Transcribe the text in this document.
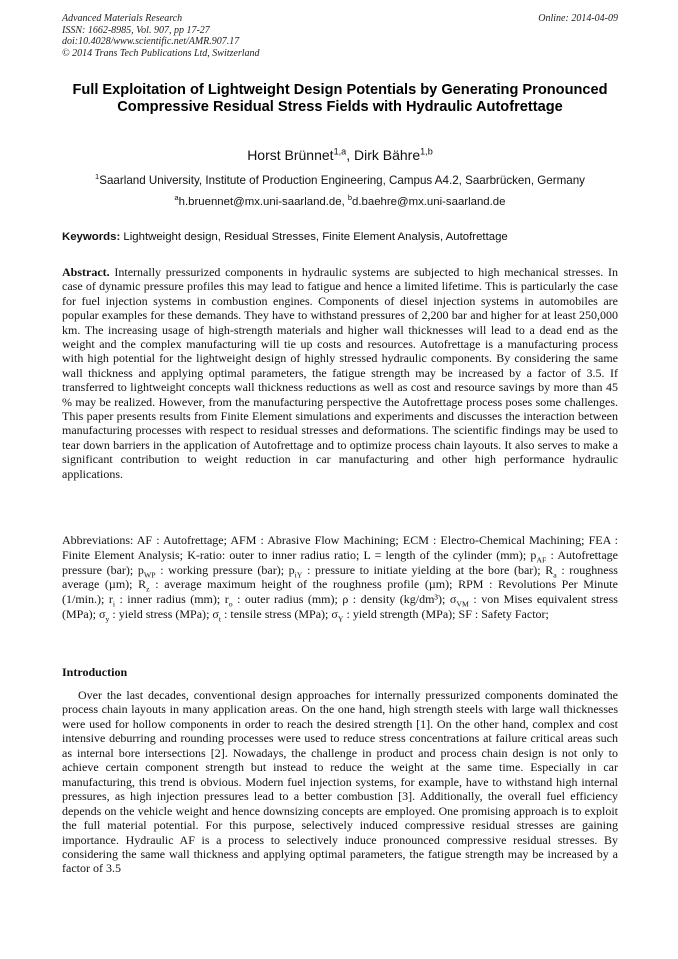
Advanced Materials Research
ISSN: 1662-8985, Vol. 907, pp 17-27
doi:10.4028/www.scientific.net/AMR.907.17
© 2014 Trans Tech Publications Ltd, Switzerland
Online: 2014-04-09
Full Exploitation of Lightweight Design Potentials by Generating Pronounced Compressive Residual Stress Fields with Hydraulic Autofrettage
Horst Brünnet$^{1,a}$, Dirk Bähre$^{1,b}$
$^1$Saarland University, Institute of Production Engineering, Campus A4.2, Saarbrücken, Germany
$^a$h.bruennet@mx.uni-saarland.de, $^b$d.baehre@mx.uni-saarland.de
Keywords: Lightweight design, Residual Stresses, Finite Element Analysis, Autofrettage

Abstract. Internally pressurized components in hydraulic systems are subjected to high mechanical stresses. In case of dynamic pressure profiles this may lead to fatigue and hence a limited lifetime. This is particularly the case for fuel injection systems in combustion engines. Components of diesel injection systems in automobiles are popular examples for these demands. They have to withstand pressures of 2,200 bar and higher for at least 250,000 km. The increasing usage of high-strength materials and higher wall thicknesses will lead to a dead end as the weight and the complex manufacturing will tie up costs and resources. Autofrettage is a manufacturing process with high potential for the lightweight design of highly stressed hydraulic components. By considering the same wall thickness and applying optimal parameters, the fatigue strength may be increased by a factor of 3.5. If transferred to lightweight concepts wall thickness reductions as well as cost and resource savings by more than 45 % may be realized. However, from the manufacturing perspective the Autofrettage process poses some challenges. This paper presents results from Finite Element simulations and experiments and discusses the interaction between manufacturing processes with respect to residual stresses and deformations. The scientific findings may be used to tear down barriers in the application of Autofrettage and to optimize process chain layouts. It also serves to make a significant contribution to weight reduction in car manufacturing and other high performance hydraulic applications.

Abbreviations: AF : Autofrettage; AFM : Abrasive Flow Machining; ECM : Electro-Chemical Machining; FEA : Finite Element Analysis; K-ratio: outer to inner radius ratio; L = length of the cylinder (mm); $p_{AF}$ : Autofrettage pressure (bar); $p_{WP}$ : working pressure (bar); $p_{iY}$ : pressure to initiate yielding at the bore (bar); $R_a$ : roughness average (µm); $R_z$ : average maximum height of the roughness profile (µm); RPM : Revolutions Per Minute (1/min.); $r_i$ : inner radius (mm); $r_o$ : outer radius (mm); ρ : density (kg/dm³); $\sigma_{VM}$ : von Mises equivalent stress (MPa); $\sigma_y$ : yield stress (MPa); $\sigma_t$ : tensile stress (MPa); $\sigma_Y$ : yield strength (MPa); SF : Safety Factor;

Introduction

Over the last decades, conventional design approaches for internally pressurized components dominated the process chain layouts in many application areas. On the one hand, high strength steels with large wall thicknesses were used for hollow components in order to reach the desired strength [1]. On the other hand, complex and cost intensive deburring and rounding processes were used to reduce stress concentrations at failure critical areas such as internal bore intersections [2]. Nowadays, the challenge in product and process chain design is not only to achieve certain component strength but instead to reduce the weight at the same time. Especially in car manufacturing, this trend is obvious. Modern fuel injection systems, for example, have to withstand high internal pressures, as high injection pressures lead to a better combustion [3]. Additionally, the overall fuel efficiency depends on the vehicle weight and hence downsizing concepts are employed. One promising approach is to exploit the full material potential. For this purpose, selectively induced compressive residual stresses are gaining importance. Hydraulic AF is a process to selectively induce pronounced compressive residual stresses. By considering the same wall thickness and applying optimal parameters, the fatigue strength may be increased by a factor of 3.5
